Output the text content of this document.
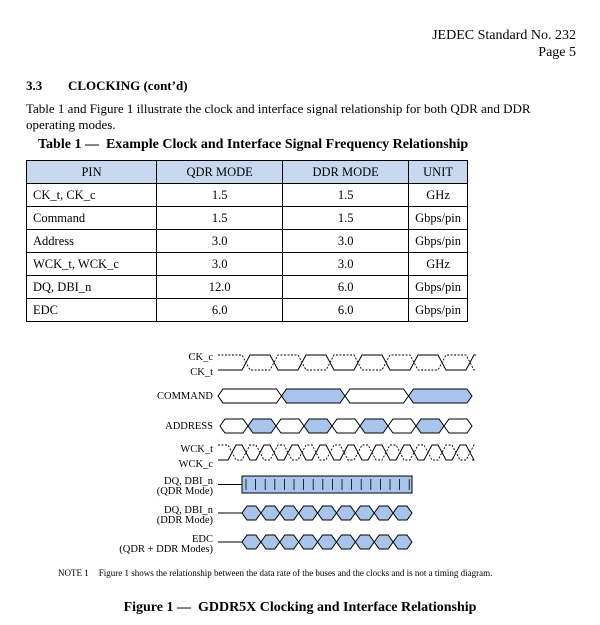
JEDEC Standard No. 232
Page 5
3.3 CLOCKING (cont’d)
Table 1 and Figure 1 illustrate the clock and interface signal relationship for both QDR and DDR operating modes.
Table 1 —  Example Clock and Interface Signal Frequency Relationship
PIN	QDR MODE	DDR MODE	UNIT
CK_t, CK_c	1.5	1.5	GHz
Command	1.5	1.5	Gbps/pin
Address	3.0	3.0	Gbps/pin
WCK_t, WCK_c	3.0	3.0	GHz
DQ, DBI_n	12.0	6.0	Gbps/pin
EDC	6.0	6.0	Gbps/pin
CK_c
CK_t
COMMAND
ADDRESS
WCK_t
WCK_c
DQ, DBI_n
(QDR Mode)
DQ, DBI_n
(DDR Mode)
EDC
(QDR + DDR Modes)
NOTE 1 Figure 1 shows the relationship between the data rate of the buses and the clocks and is not a timing diagram.
Figure 1 —  GDDR5X Clocking and Interface Relationship
